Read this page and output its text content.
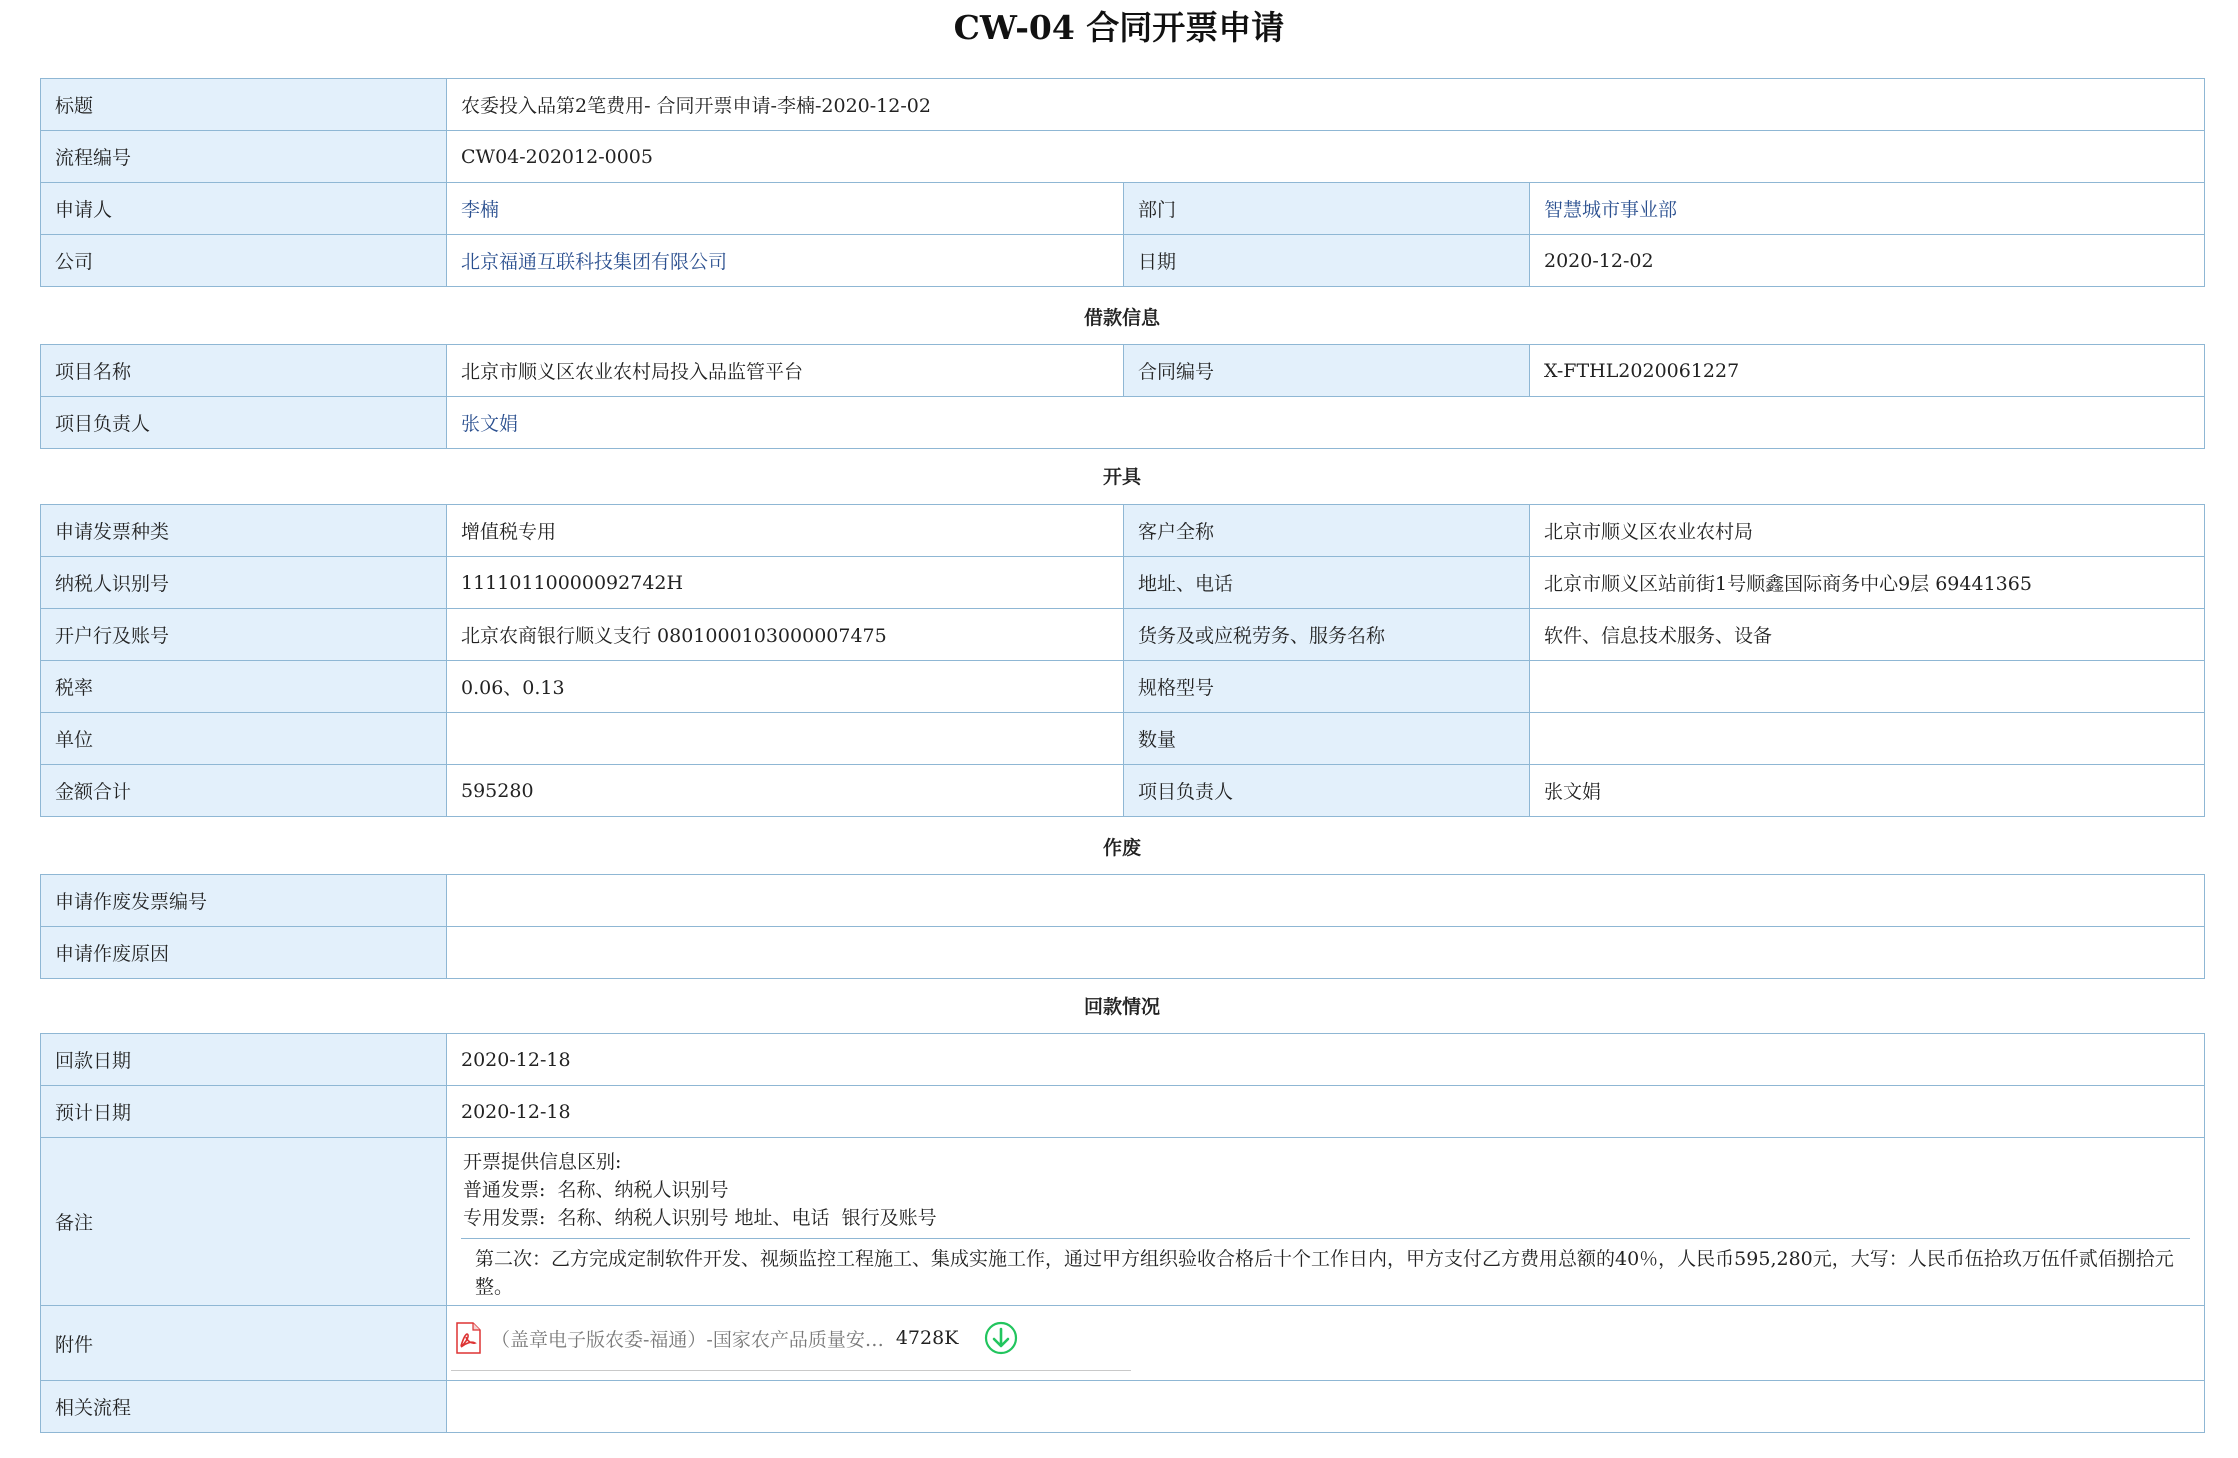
CW-04 合同开票申请
标题	农委投入品第2笔费用- 合同开票申请-李楠-2020-12-02		
流程编号	CW04-202012-0005		
申请人	李楠	部门	智慧城市事业部
公司	北京福通互联科技集团有限公司	日期	2020-12-02
借款信息
项目名称	北京市顺义区农业农村局投入品监管平台	合同编号	X-FTHL2020061227
项目负责人	张文娟		
开具
申请发票种类	增值税专用	客户全称	北京市顺义区农业农村局
纳税人识别号	11110110000092742H	地址、电话	北京市顺义区站前街1号顺鑫国际商务中心9层 69441365
开户行及账号	北京农商银行顺义支行 0801000103000007475	货务及或应税劳务、服务名称	软件、信息技术服务、设备
税率	0.06、0.13	规格型号	
单位		数量	
金额合计	595280	项目负责人	张文娟
作废
申请作废发票编号	
申请作废原因	
回款情况
回款日期	2020-12-18
预计日期	2020-12-18
备注	开票提供信息区别:
普通发票:  名称、纳税人识别号
专用发票:  名称、纳税人识别号 地址、电话  银行及账号
第二次：乙方完成定制软件开发、视频监控工程施工、集成实施工作，通过甲方组织验收合格后十个工作日内，甲方支付乙方费用总额的40％，人民币595,280元，大写：人民币伍拾玖万伍仟贰佰捌拾元整。

附件	（盖章电子版农委-福通）-国家农产品质量安… 4728K

相关流程	
